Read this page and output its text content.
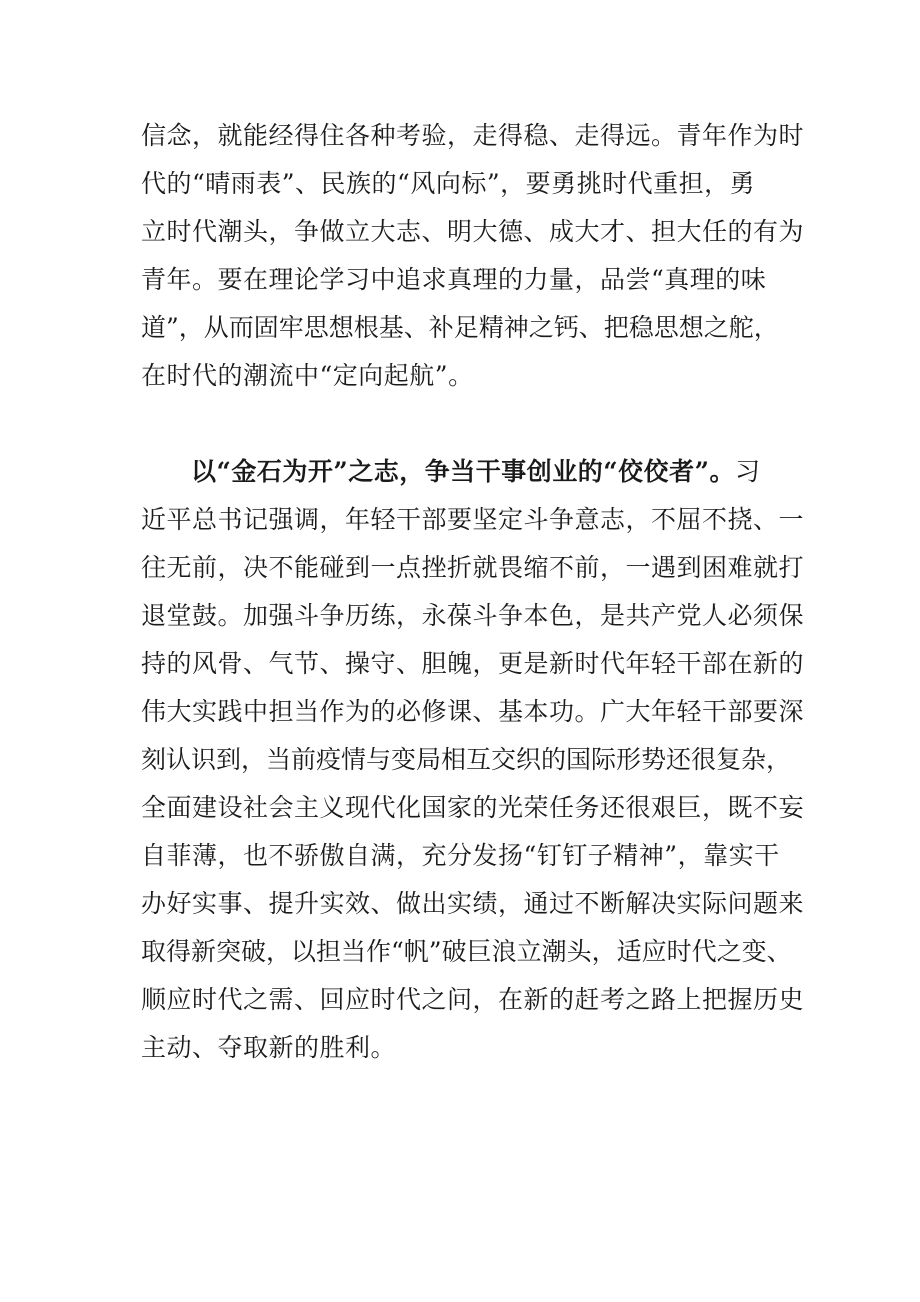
信念，就能经得住各种考验，走得稳、走得远。青年作为时
代的“晴雨表”、民族的“风向标”，要勇挑时代重担，勇
立时代潮头，争做立大志、明大德、成大才、担大任的有为
青年。要在理论学习中追求真理的力量，品尝“真理的味
道”，从而固牢思想根基、补足精神之钙、把稳思想之舵，
在时代的潮流中“定向起航”。

以“金石为开”之志，争当干事创业的“佼佼者”。习
近平总书记强调，年轻干部要坚定斗争意志，不屈不挠、一
往无前，决不能碰到一点挫折就畏缩不前，一遇到困难就打
退堂鼓。加强斗争历练，永葆斗争本色，是共产党人必须保
持的风骨、气节、操守、胆魄，更是新时代年轻干部在新的
伟大实践中担当作为的必修课、基本功。广大年轻干部要深
刻认识到，当前疫情与变局相互交织的国际形势还很复杂，
全面建设社会主义现代化国家的光荣任务还很艰巨，既不妄
自菲薄，也不骄傲自满，充分发扬“钉钉子精神”，靠实干
办好实事、提升实效、做出实绩，通过不断解决实际问题来
取得新突破，以担当作“帆”破巨浪立潮头，适应时代之变、
顺应时代之需、回应时代之问，在新的赶考之路上把握历史
主动、夺取新的胜利。
